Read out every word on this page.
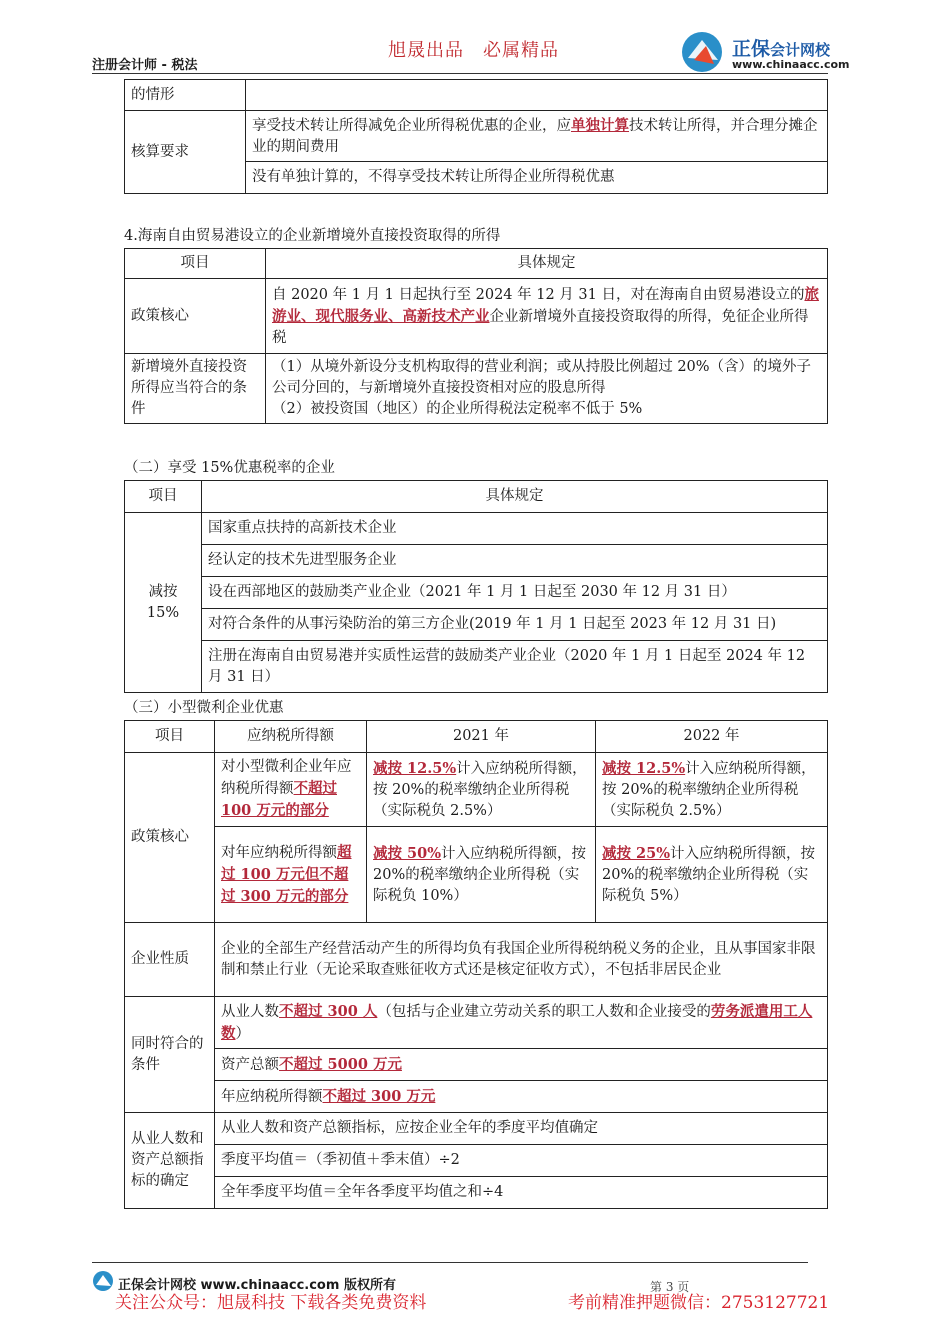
注册会计师 - 税法
旭晟出品　必属精品	正保会计网校
www.chinaacc.com
的情形	
核算要求	享受技术转让所得减免企业所得税优惠的企业，应单独计算技术转让所得，并合理分摊企业的期间费用
	没有单独计算的，不得享受技术转让所得企业所得税优惠
4.海南自由贸易港设立的企业新增境外直接投资取得的所得
项目	具体规定
政策核心	自 2020 年 1 月 1 日起执行至 2024 年 12 月 31 日，对在海南自由贸易港设立的旅游业、现代服务业、高新技术产业企业新增境外直接投资取得的所得，免征企业所得税
新增境外直接投资所得应当符合的条件	（1）从境外新设分支机构取得的营业利润；或从持股比例超过 20%（含）的境外子公司分回的，与新增境外直接投资相对应的股息所得
（2）被投资国（地区）的企业所得税法定税率不低于 5%
（二）享受 15%优惠税率的企业
项目	具体规定

减按
15%	国家重点扶持的高新技术企业
	经认定的技术先进型服务企业
	设在西部地区的鼓励类产业企业（2021 年 1 月 1 日起至 2030 年 12 月 31 日）
	对符合条件的从事污染防治的第三方企业(2019 年 1 月 1 日起至 2023 年 12 月 31 日)
	注册在海南自由贸易港并实质性运营的鼓励类产业企业（2020 年 1 月 1 日起至 2024 年 12 月 31 日）
（三）小型微利企业优惠
项目	应纳税所得额	2021 年	2022 年
政策核心	对小型微利企业年应纳税所得额不超过 100 万元的部分	减按 12.5%计入应纳税所得额，按 20%的税率缴纳企业所得税（实际税负 2.5%）	减按 12.5%计入应纳税所得额，按 20%的税率缴纳企业所得税（实际税负 2.5%）
	对年应纳税所得额超过 100 万元但不超过 300 万元的部分	减按 50%计入应纳税所得额，按 20%的税率缴纳企业所得税（实际税负 10%）	减按 25%计入应纳税所得额，按 20%的税率缴纳企业所得税（实际税负 5%）
企业性质	企业的全部生产经营活动产生的所得均负有我国企业所得税纳税义务的企业，且从事国家非限制和禁止行业（无论采取查账征收方式还是核定征收方式），不包括非居民企业		
同时符合的条件	从业人数不超过 300 人（包括与企业建立劳动关系的职工人数和企业接受的劳务派遣用工人数）		
	资产总额不超过 5000 万元		
	年应纳税所得额不超过 300 万元		
从业人数和资产总额指标的确定	从业人数和资产总额指标，应按企业全年的季度平均值确定		
	季度平均值＝（季初值＋季末值）÷2		
	全年季度平均值＝全年各季度平均值之和÷4		
正保会计网校 www.chinaacc.com 版权所有	第 3 页
关注公众号：旭晟科技 下载各类免费资料	考前精准押题微信：2753127721
